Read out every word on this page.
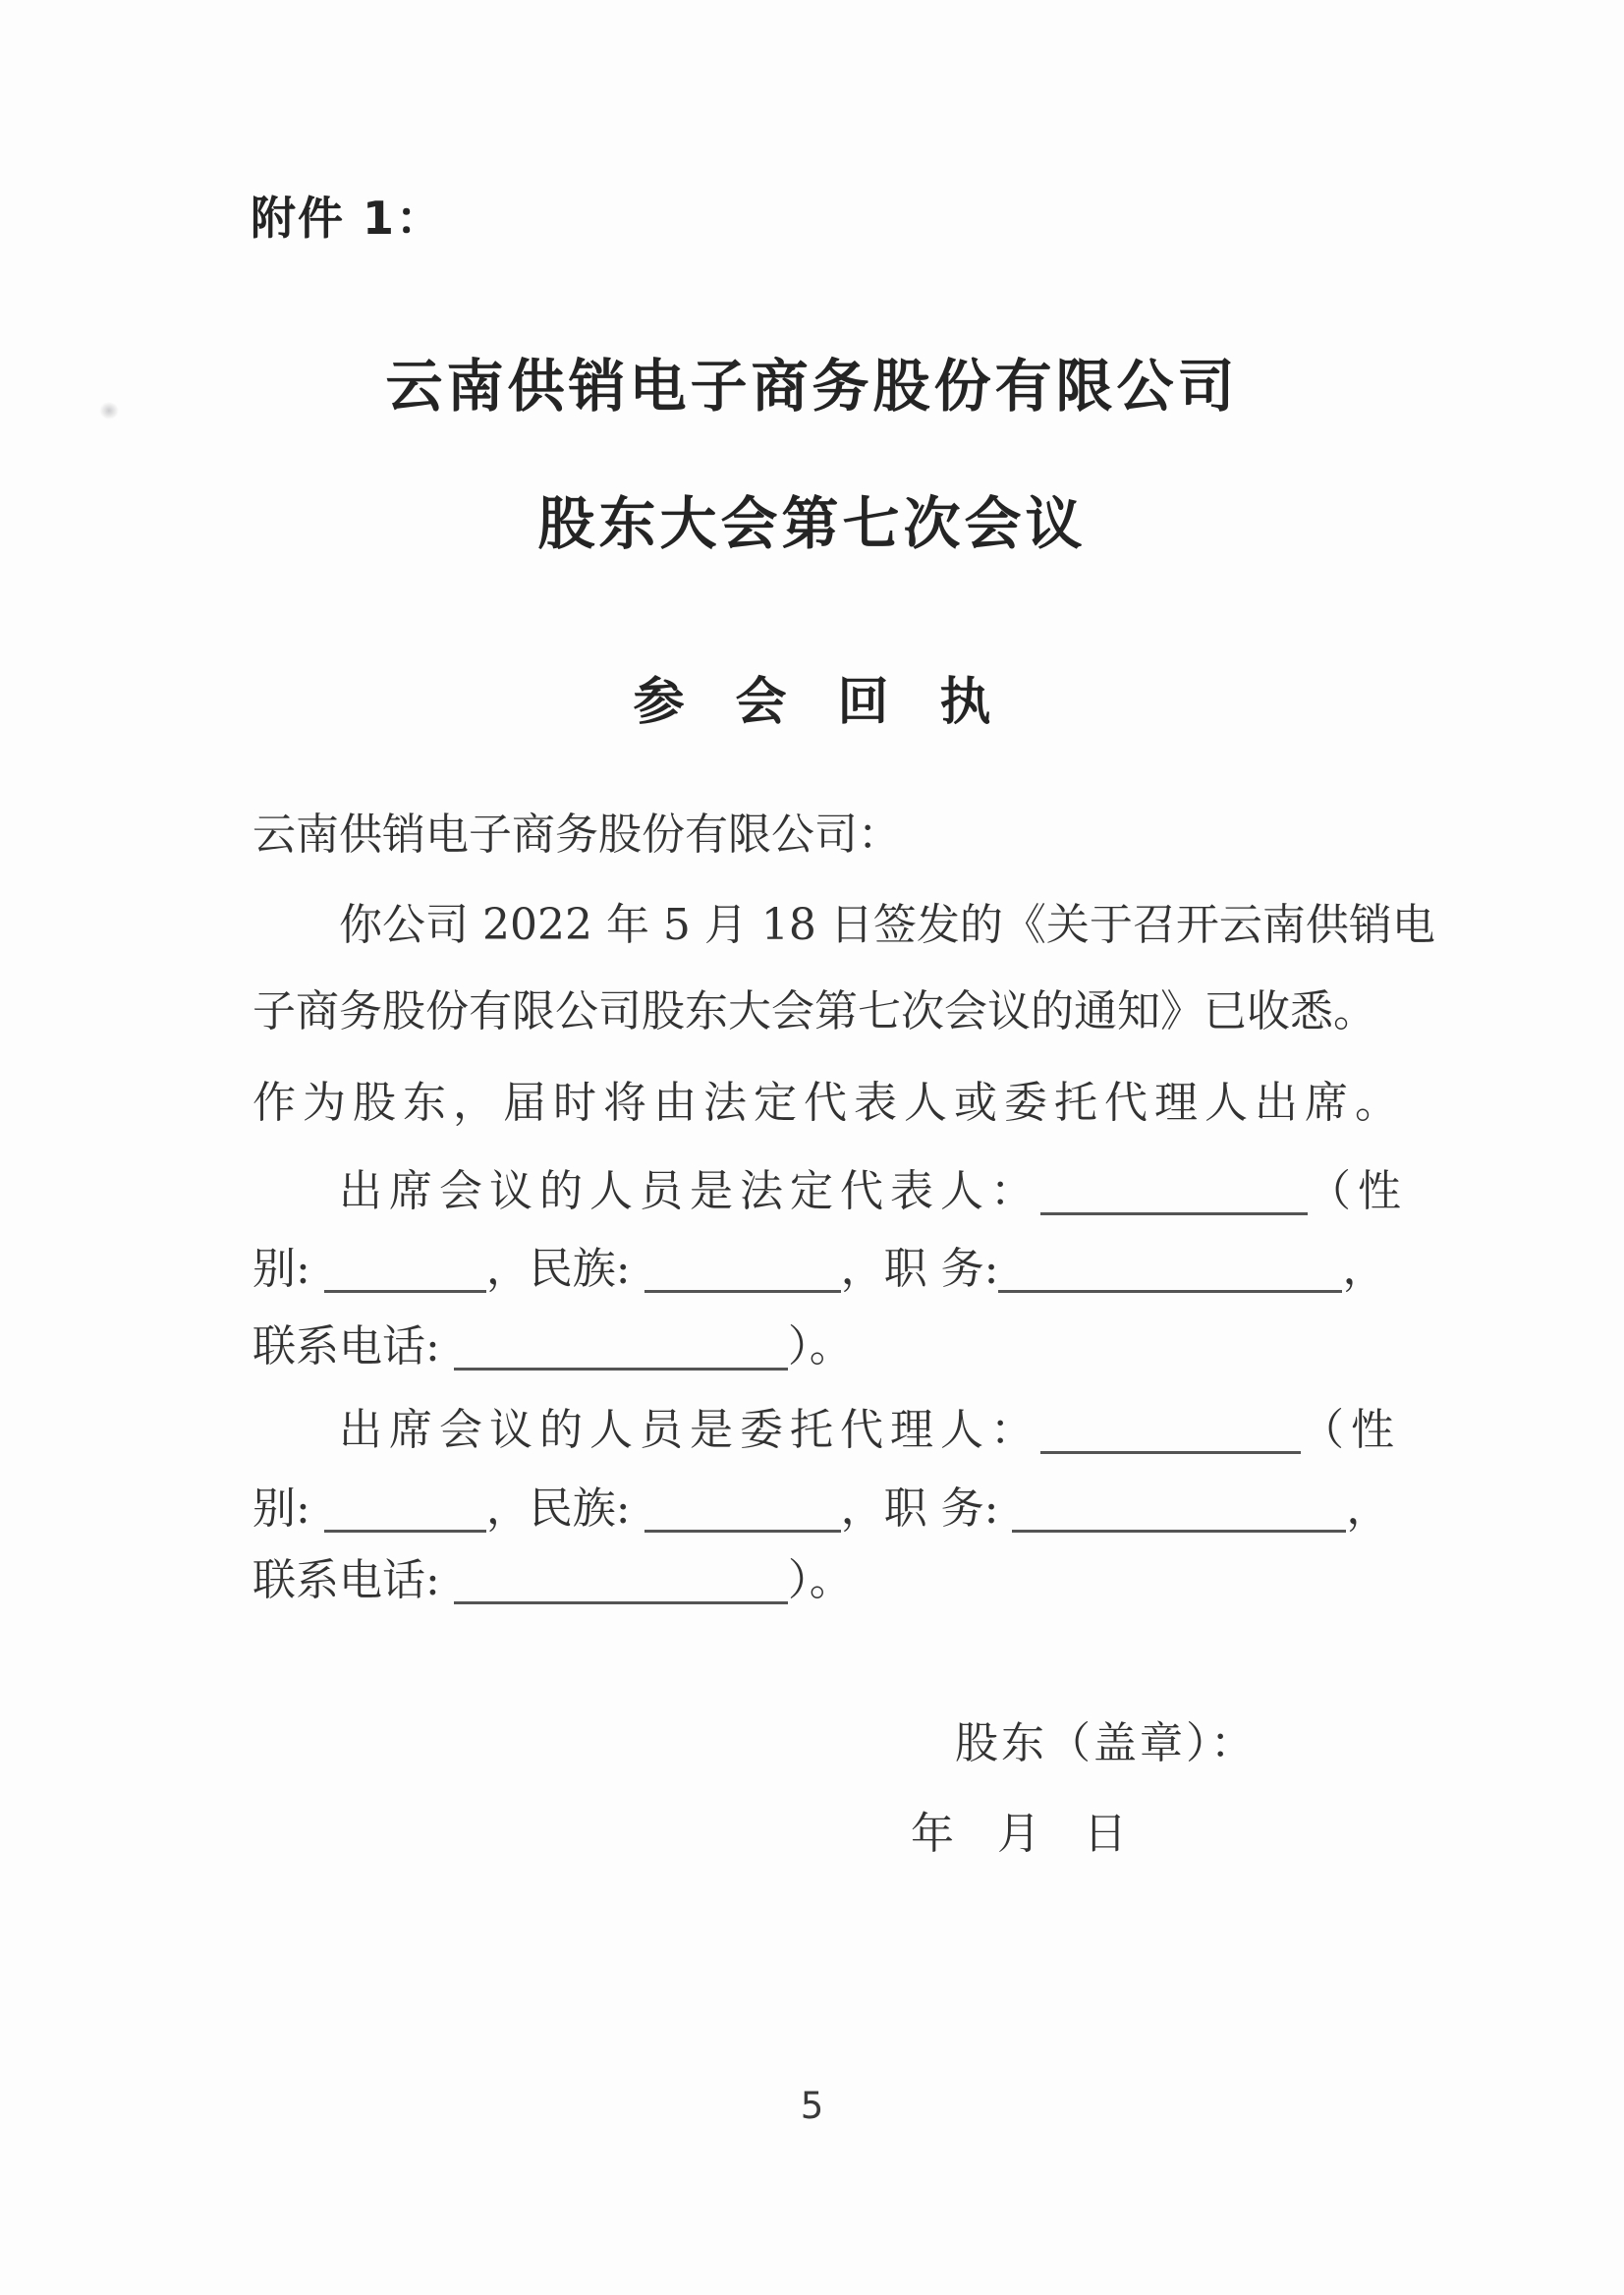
附件 1：
云南供销电子商务股份有限公司
股东大会第七次会议
参　会　回　执
云南供销电子商务股份有限公司：
你公司 2022 年 5 月 18 日签发的《关于召开云南供销电
子商务股份有限公司股东大会第七次会议的通知》已收悉。
作为股东，届时将由法定代表人或委托代理人出席。
出席会议的人员是法定代表人：	（性
别:	，民族:	，职 务:	，
联系电话:	）。
出席会议的人员是委托代理人：	（性
别:	，民族:	，职 务:	，
联系电话:	）。
股东（盖章）：
年　月　日
5
